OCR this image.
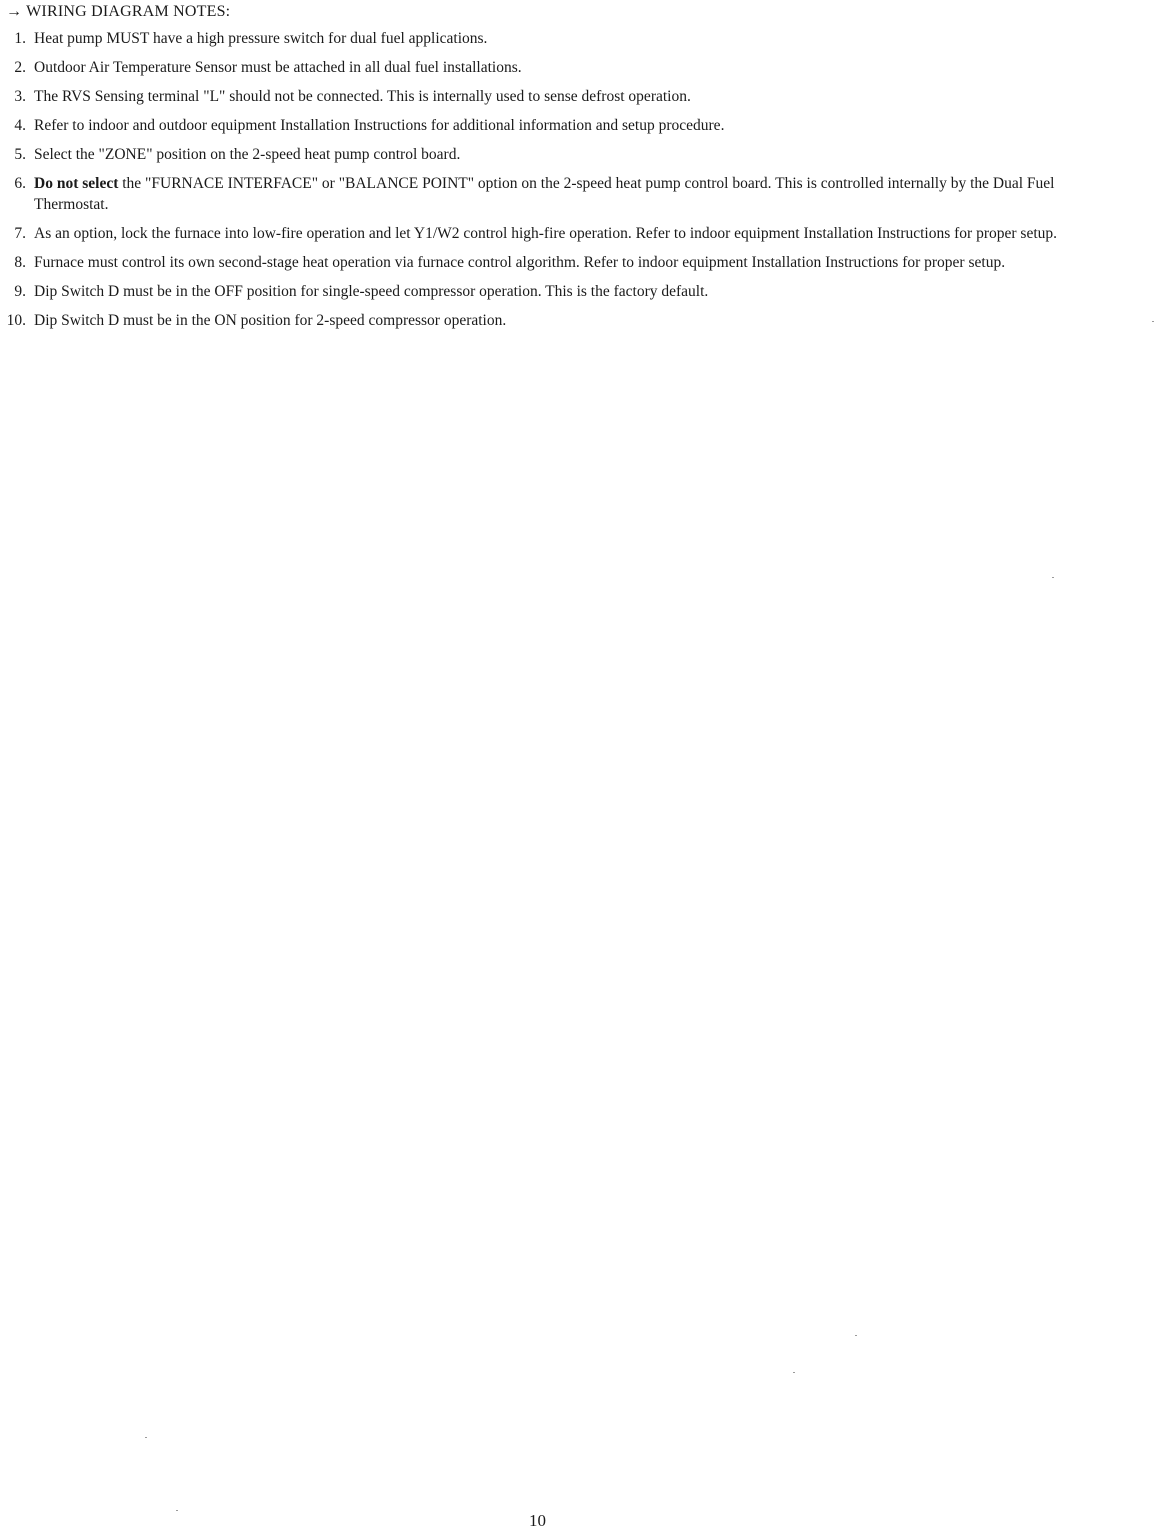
→ WIRING DIAGRAM NOTES:
1. Heat pump MUST have a high pressure switch for dual fuel applications.
2. Outdoor Air Temperature Sensor must be attached in all dual fuel installations.
3. The RVS Sensing terminal "L" should not be connected. This is internally used to sense defrost operation.
4. Refer to indoor and outdoor equipment Installation Instructions for additional information and setup procedure.
5. Select the "ZONE" position on the 2-speed heat pump control board.
6. Do not select the "FURNACE INTERFACE" or "BALANCE POINT" option on the 2-speed heat pump control board. This is controlled internally by the Dual Fuel Thermostat.
7. As an option, lock the furnace into low-fire operation and let Y1/W2 control high-fire operation. Refer to indoor equipment Installation Instructions for proper setup.
8. Furnace must control its own second-stage heat operation via furnace control algorithm. Refer to indoor equipment Installation Instructions for proper setup.
9. Dip Switch D must be in the OFF position for single-speed compressor operation. This is the factory default.
10. Dip Switch D must be in the ON position for 2-speed compressor operation.
10
